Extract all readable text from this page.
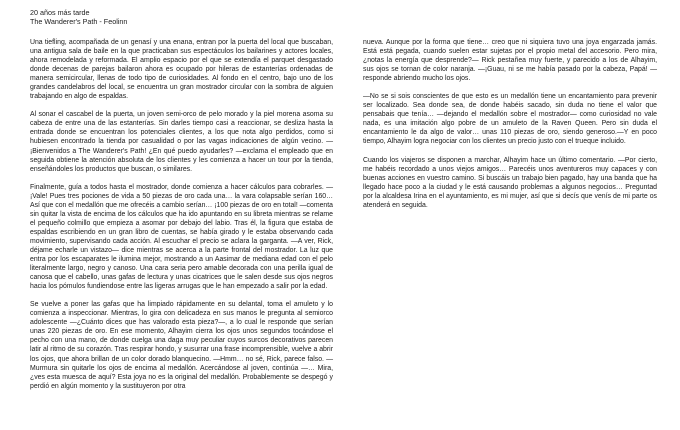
20 años más tarde
The Wanderer's Path - Feolinn

Una tiefling, acompañada de un genasí y una enana, entran por la puerta del local que buscaban, una antigua sala de baile en la que practicaban sus espectáculos los bailarines y actores locales, ahora remodelada y reformada. El amplio espacio por el que se extendía el parquet desgastado donde decenas de parejas bailaron ahora es ocupado por hileras de estanterías ordenadas de manera semicircular, llenas de todo tipo de curiosidades. Al fondo en el centro, bajo uno de los grandes candelabros del local, se encuentra un gran mostrador circular con la sombra de alguien trabajando en algo de espaldas.

Al sonar el cascabel de la puerta, un joven semi-orco de pelo morado y la piel morena asoma su cabeza de entre una de las estanterías. Sin darles tiempo casi a reaccionar, se desliza hasta la entrada donde se encuentran los potenciales clientes, a los que nota algo perdidos, como si hubiesen encontrado la tienda por casualidad o por las vagas indicaciones de algún vecino. —¡Bienvenidos a The Wanderer's Path! ¿En qué puedo ayudarles? —exclama el empleado que en seguida obtiene la atención absoluta de los clientes y les comienza a hacer un tour por la tienda, enseñándoles los productos que buscan, o similares.

Finalmente, guía a todos hasta el mostrador, donde comienza a hacer cálculos para cobrarles. —¡Vale! Pues tres pociones de vida a 50 piezas de oro cada una… la vara colapsable serían 160… Así que con el medallón que me ofrecéis a cambio serían… ¡100 piezas de oro en total! —comenta sin quitar la vista de encima de los cálculos que ha ido apuntando en su libreta mientras se relame el pequeño colmillo que empieza a asomar por debajo del labio. Tras él, la figura que estaba de espaldas escribiendo en un gran libro de cuentas, se había girado y le estaba observando cada movimiento, supervisando cada acción. Al escuchar el precio se aclara la garganta. —A ver, Rick, déjame echarle un vistazo— dice mientras se acerca a la parte frontal del mostrador. La luz que entra por los escaparates le ilumina mejor, mostrando a un Aasimar de mediana edad con el pelo literalmente largo, negro y canoso. Una cara seria pero amable decorada con una perilla igual de canosa que el cabello, unas gafas de lectura y unas cicatrices que le salen desde sus ojos negros hacia los pómulos fundiendose entre las ligeras arrugas que le han empezado a salir por la edad.

Se vuelve a poner las gafas que ha limpiado rápidamente en su delantal, toma el amuleto y lo comienza a inspeccionar. Mientras, lo gira con delicadeza en sus manos le pregunta al semiorco adolescente —¿Cuánto dices que has valorado esta pieza?—, a lo cual le responde que serían unas 220 piezas de oro. En ese momento, Alhayim cierra los ojos unos segundos tocándose el pecho con una mano, de donde cuelga una daga muy peculiar cuyos surcos decorativos parecen latir al ritmo de su corazón. Tras respirar hondo, y susurrar una frase incomprensible, vuelve a abrir los ojos, que ahora brillan de un color dorado blanquecino. —Hmm… no sé, Rick, parece falso. —Murmura sin quitarle los ojos de encima al medallón. Acercándose al joven, continúa —… Mira, ¿ves esta muesca de aquí? Esta joya no es la original del medallón. Probablemente se despegó y perdió en algún momento y la sustituyeron por otra

nueva. Aunque por la forma que tiene… creo que ni siquiera tuvo una joya engarzada jamás. Está está pegada, cuando suelen estar sujetas por el propio metal del accesorio. Pero mira, ¿notas la energía que desprende?— Rick pestañea muy fuerte, y parecido a los de Alhayim, sus ojos se tornan de color naranja. —¡Guau, ni se me había pasado por la cabeza, Papá! —responde abriendo mucho los ojos.

—No se si sois conscientes de que esto es un medallón tiene un encantamiento para prevenir ser localizado. Sea donde sea, de donde habéis sacado, sin duda no tiene el valor que pensabais que tenía… —dejando el medallón sobre el mostrador— como curiosidad no vale nada, es una imitación algo pobre de un amuleto de la Raven Queen. Pero sin duda el encantamiento le da algo de valor… unas 110 piezas de oro, siendo generoso.—Y en poco tiempo, Alhayim logra negociar con los clientes un precio justo con el trueque incluido.

Cuando los viajeros se disponen a marchar, Alhayim hace un último comentario. —Por cierto, me habéis recordado a unos viejos amigos… Parecéis unos aventureros muy capaces y con buenas acciones en vuestro camino. Si buscáis un trabajo bien pagado, hay una banda que ha llegado hace poco a la ciudad y le está causando problemas a algunos negocios… Preguntad por la alcaldesa Irina en el ayuntamiento, es mi mujer, así que si decís que venís de mi parte os atenderá en seguida.
